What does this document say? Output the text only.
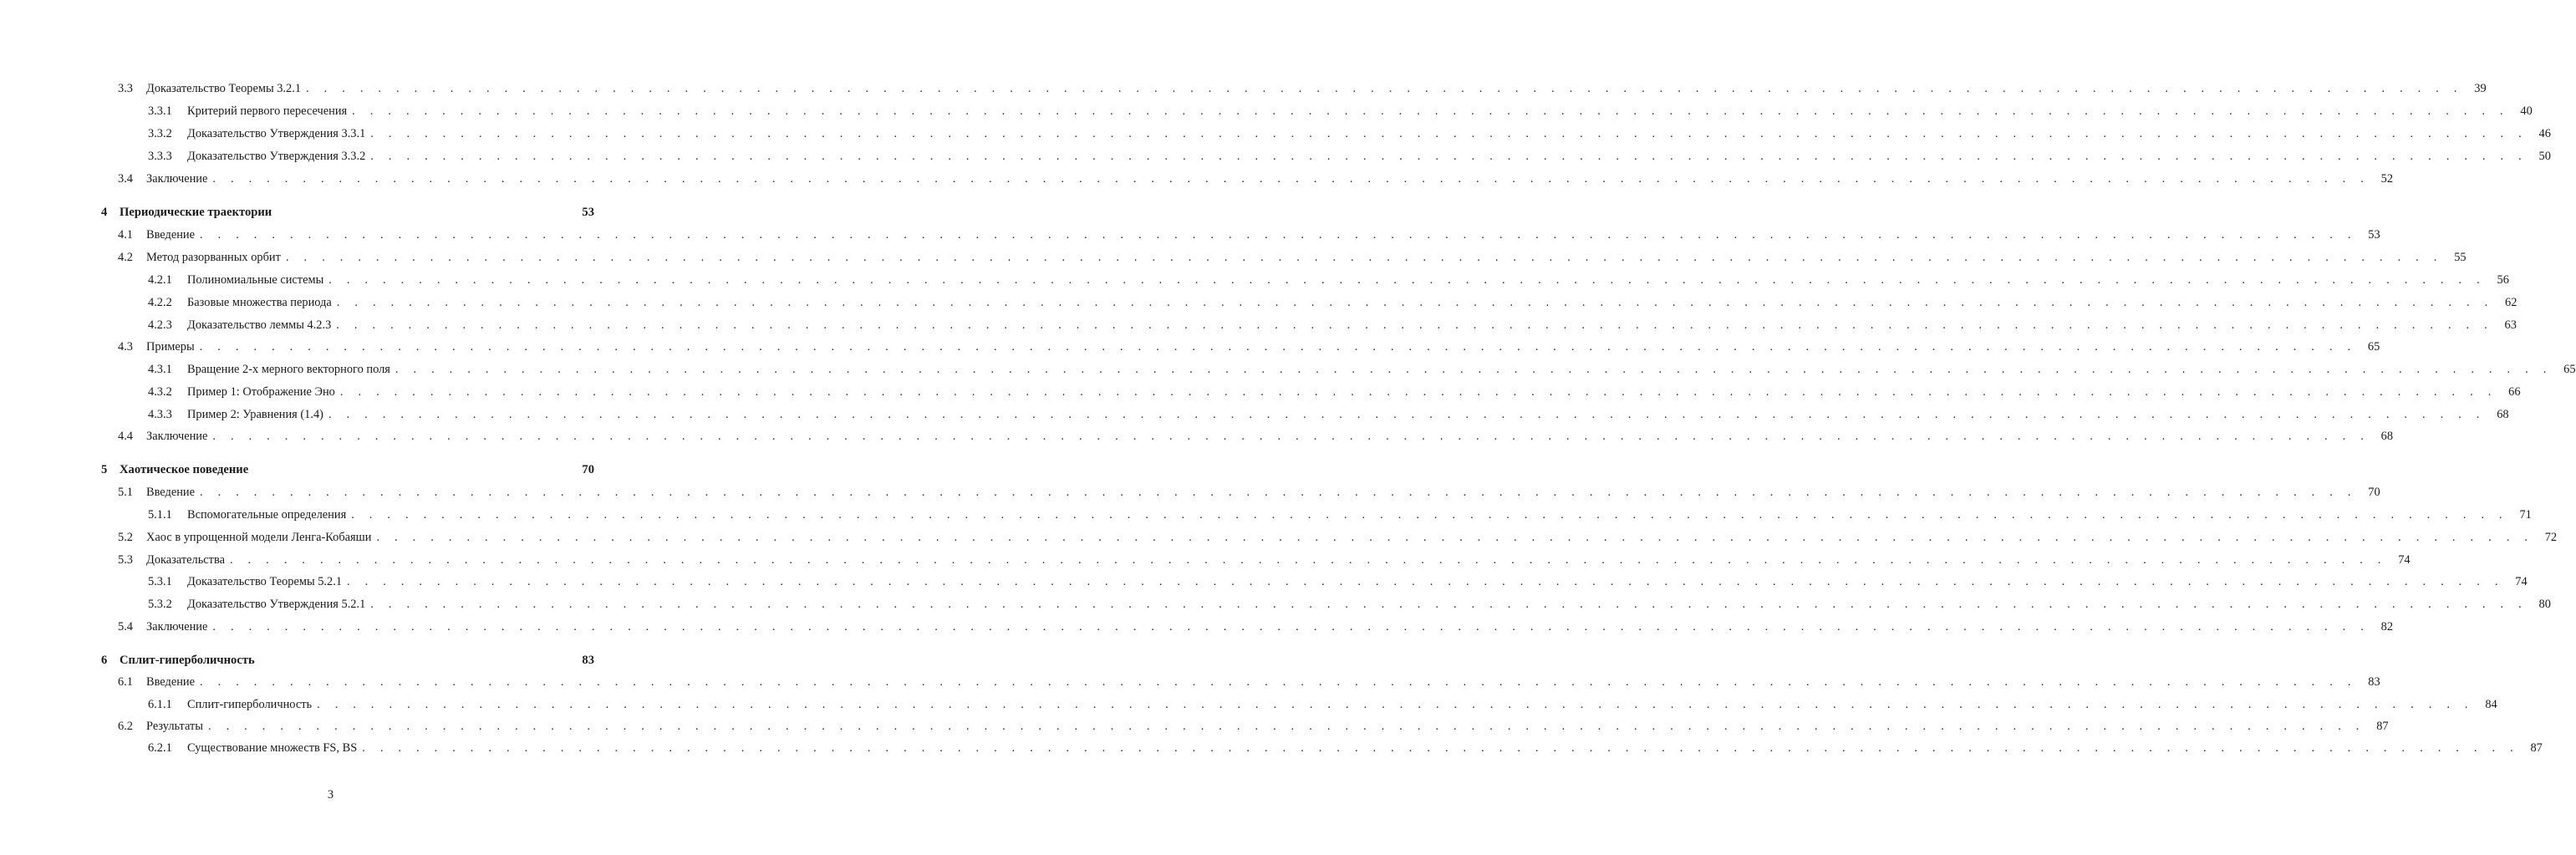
3.3	Доказательство Теоремы 3.2.1 . . . . . . . . . . . . . . . . . . . . . . . . . . . . . . . . . . . . . . . . . . . . . . . . . . . . . . . . . . . . . . . . . . . . . . . . . . . . . . . . . . . . . . . . . . . . . . . . . . . . . . . . . . . . . . . . . . . . . . . . 39
3.3.1	Критерий первого пересечения . . . . . . . . . . . . . . . . . . . . . . . . . . . . . . . . . . . . . . . . . . . . . . . . . . . . . . . . . . . . . . . . . . . . . . . . . . . . . . . . . . . . . . . . . . . . . . . . . . . . . . . . . . . . . . . . . . . . . . . . 40
3.3.2	Доказательство Утверждения 3.3.1 . . . . . . . . . . . . . . . . . . . . . . . . . . . . . . . . . . . . . . . . . . . . . . . . . . . . . . . . . . . . . . . . . . . . . . . . . . . . . . . . . . . . . . . . . . . . . . . . . . . . . . . . . . . . . . . . . . . . . . . . 46
3.3.3	Доказательство Утверждения 3.3.2 . . . . . . . . . . . . . . . . . . . . . . . . . . . . . . . . . . . . . . . . . . . . . . . . . . . . . . . . . . . . . . . . . . . . . . . . . . . . . . . . . . . . . . . . . . . . . . . . . . . . . . . . . . . . . . . . . . . . . . . . 50
3.4	Заключение . . . . . . . . . . . . . . . . . . . . . . . . . . . . . . . . . . . . . . . . . . . . . . . . . . . . . . . . . . . . . . . . . . . . . . . . . . . . . . . . . . . . . . . . . . . . . . . . . . . . . . . . . . . . . . . . . . . . . . . . 52
4	Периодические траектории	53
4.1	Введение . . . . . . . . . . . . . . . . . . . . . . . . . . . . . . . . . . . . . . . . . . . . . . . . . . . . . . . . . . . . . . . . . . . . . . . . . . . . . . . . . . . . . . . . . . . . . . . . . . . . . . . . . . . . . . . . . . . . . . . . 53
4.2	Метод разорванных орбит . . . . . . . . . . . . . . . . . . . . . . . . . . . . . . . . . . . . . . . . . . . . . . . . . . . . . . . . . . . . . . . . . . . . . . . . . . . . . . . . . . . . . . . . . . . . . . . . . . . . . . . . . . . . . . . . . . . . . . . . 55
4.2.1	Полиномиальные системы . . . . . . . . . . . . . . . . . . . . . . . . . . . . . . . . . . . . . . . . . . . . . . . . . . . . . . . . . . . . . . . . . . . . . . . . . . . . . . . . . . . . . . . . . . . . . . . . . . . . . . . . . . . . . . . . . . . . . . . . 56
4.2.2	Базовые множества периода . . . . . . . . . . . . . . . . . . . . . . . . . . . . . . . . . . . . . . . . . . . . . . . . . . . . . . . . . . . . . . . . . . . . . . . . . . . . . . . . . . . . . . . . . . . . . . . . . . . . . . . . . . . . . . . . . . . . . . . . 62
4.2.3	Доказательство леммы 4.2.3 . . . . . . . . . . . . . . . . . . . . . . . . . . . . . . . . . . . . . . . . . . . . . . . . . . . . . . . . . . . . . . . . . . . . . . . . . . . . . . . . . . . . . . . . . . . . . . . . . . . . . . . . . . . . . . . . . . . . . . . . 63
4.3	Примеры . . . . . . . . . . . . . . . . . . . . . . . . . . . . . . . . . . . . . . . . . . . . . . . . . . . . . . . . . . . . . . . . . . . . . . . . . . . . . . . . . . . . . . . . . . . . . . . . . . . . . . . . . . . . . . . . . . . . . . . . 65
4.3.1	Вращение 2-х мерного векторного поля . . . . . . . . . . . . . . . . . . . . . . . . . . . . . . . . . . . . . . . . . . . . . . . . . . . . . . . . . . . . . . . . . . . . . . . . . . . . . . . . . . . . . . . . . . . . . . . . . . . . . . . . . . . . . . . . . . . . . . . . 65
4.3.2	Пример 1: Отображение Эно . . . . . . . . . . . . . . . . . . . . . . . . . . . . . . . . . . . . . . . . . . . . . . . . . . . . . . . . . . . . . . . . . . . . . . . . . . . . . . . . . . . . . . . . . . . . . . . . . . . . . . . . . . . . . . . . . . . . . . . . 66
4.3.3	Пример 2: Уравнения (1.4) . . . . . . . . . . . . . . . . . . . . . . . . . . . . . . . . . . . . . . . . . . . . . . . . . . . . . . . . . . . . . . . . . . . . . . . . . . . . . . . . . . . . . . . . . . . . . . . . . . . . . . . . . . . . . . . . . . . . . . . . 68
4.4	Заключение . . . . . . . . . . . . . . . . . . . . . . . . . . . . . . . . . . . . . . . . . . . . . . . . . . . . . . . . . . . . . . . . . . . . . . . . . . . . . . . . . . . . . . . . . . . . . . . . . . . . . . . . . . . . . . . . . . . . . . . . 68
5	Хаотическое поведение	70
5.1	Введение . . . . . . . . . . . . . . . . . . . . . . . . . . . . . . . . . . . . . . . . . . . . . . . . . . . . . . . . . . . . . . . . . . . . . . . . . . . . . . . . . . . . . . . . . . . . . . . . . . . . . . . . . . . . . . . . . . . . . . . . 70
5.1.1	Вспомогательные определения . . . . . . . . . . . . . . . . . . . . . . . . . . . . . . . . . . . . . . . . . . . . . . . . . . . . . . . . . . . . . . . . . . . . . . . . . . . . . . . . . . . . . . . . . . . . . . . . . . . . . . . . . . . . . . . . . . . . . . . . 71
5.2	Хаос в упрощенной модели Ленга-Кобаяши . . . . . . . . . . . . . . . . . . . . . . . . . . . . . . . . . . . . . . . . . . . . . . . . . . . . . . . . . . . . . . . . . . . . . . . . . . . . . . . . . . . . . . . . . . . . . . . . . . . . . . . . . . . . . . . . . . . . . . . . 72
5.3	Доказательства . . . . . . . . . . . . . . . . . . . . . . . . . . . . . . . . . . . . . . . . . . . . . . . . . . . . . . . . . . . . . . . . . . . . . . . . . . . . . . . . . . . . . . . . . . . . . . . . . . . . . . . . . . . . . . . . . . . . . . . . 74
5.3.1	Доказательство Теоремы 5.2.1 . . . . . . . . . . . . . . . . . . . . . . . . . . . . . . . . . . . . . . . . . . . . . . . . . . . . . . . . . . . . . . . . . . . . . . . . . . . . . . . . . . . . . . . . . . . . . . . . . . . . . . . . . . . . . . . . . . . . . . . . 74
5.3.2	Доказательство Утверждения 5.2.1 . . . . . . . . . . . . . . . . . . . . . . . . . . . . . . . . . . . . . . . . . . . . . . . . . . . . . . . . . . . . . . . . . . . . . . . . . . . . . . . . . . . . . . . . . . . . . . . . . . . . . . . . . . . . . . . . . . . . . . . . 80
5.4	Заключение . . . . . . . . . . . . . . . . . . . . . . . . . . . . . . . . . . . . . . . . . . . . . . . . . . . . . . . . . . . . . . . . . . . . . . . . . . . . . . . . . . . . . . . . . . . . . . . . . . . . . . . . . . . . . . . . . . . . . . . . 82
6	Сплит-гиперболичность	83
6.1	Введение . . . . . . . . . . . . . . . . . . . . . . . . . . . . . . . . . . . . . . . . . . . . . . . . . . . . . . . . . . . . . . . . . . . . . . . . . . . . . . . . . . . . . . . . . . . . . . . . . . . . . . . . . . . . . . . . . . . . . . . . 83
6.1.1	Сплит-гиперболичность . . . . . . . . . . . . . . . . . . . . . . . . . . . . . . . . . . . . . . . . . . . . . . . . . . . . . . . . . . . . . . . . . . . . . . . . . . . . . . . . . . . . . . . . . . . . . . . . . . . . . . . . . . . . . . . . . . . . . . . . 84
6.2	Результаты . . . . . . . . . . . . . . . . . . . . . . . . . . . . . . . . . . . . . . . . . . . . . . . . . . . . . . . . . . . . . . . . . . . . . . . . . . . . . . . . . . . . . . . . . . . . . . . . . . . . . . . . . . . . . . . . . . . . . . . . 87
6.2.1	Существование множеств FS, BS . . . . . . . . . . . . . . . . . . . . . . . . . . . . . . . . . . . . . . . . . . . . . . . . . . . . . . . . . . . . . . . . . . . . . . . . . . . . . . . . . . . . . . . . . . . . . . . . . . . . . . . . . . . . . . . . . . . . . . . . 87
3
